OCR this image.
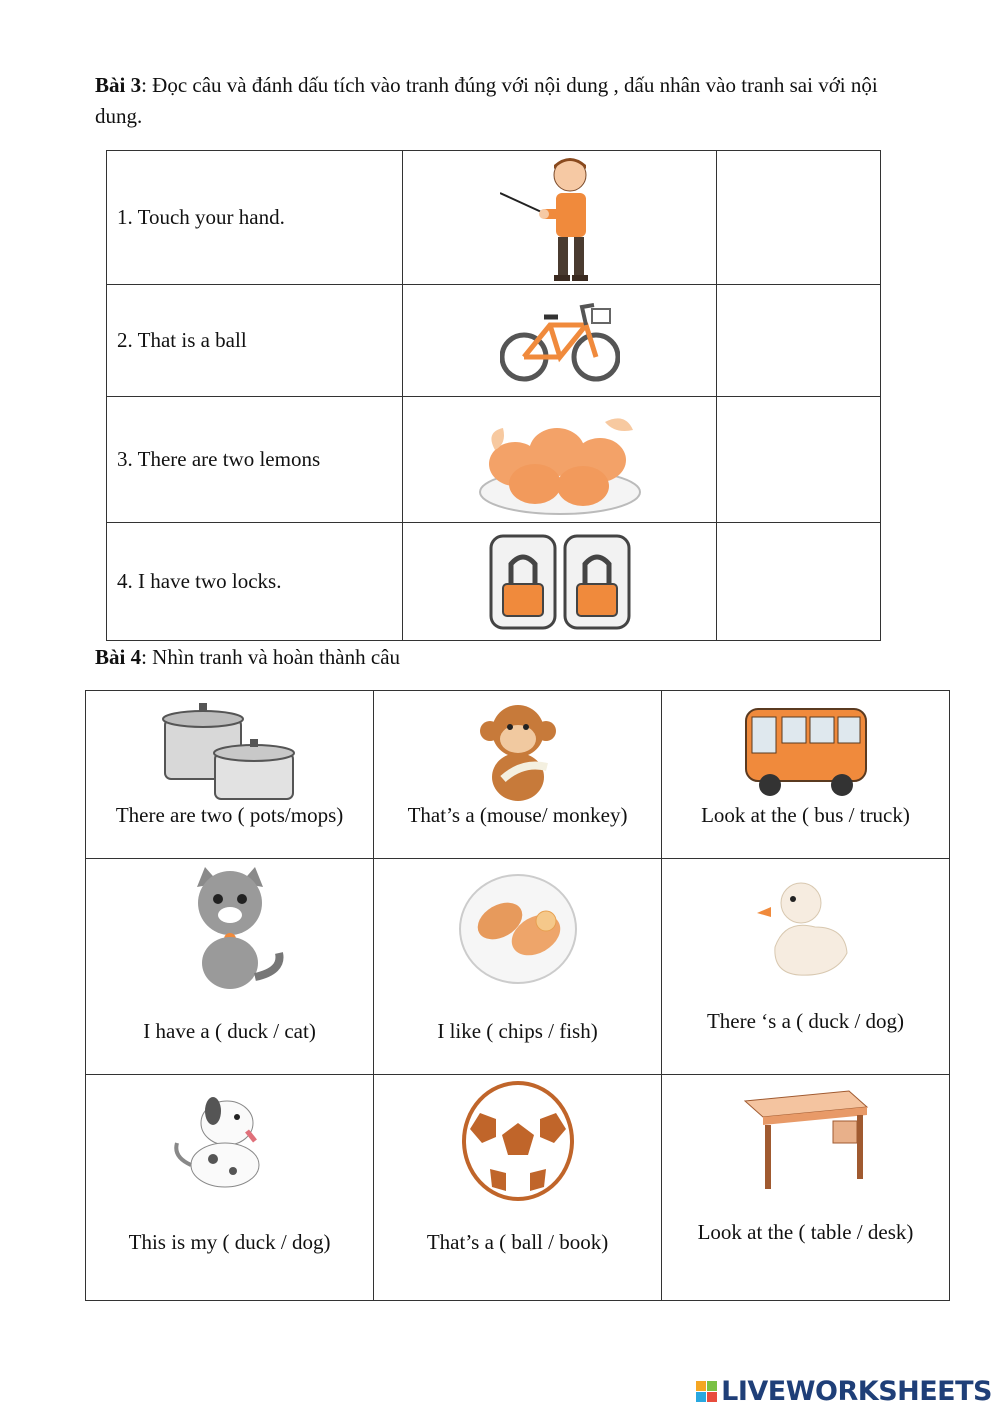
Bài 3: Đọc câu và đánh dấu tích vào tranh đúng với nội dung , dấu nhân vào tranh sai với nội dung.
1. Touch your hand.	

2. That is a ball	

3. There are two lemons	

4. I have two locks.	

Bài 4: Nhìn tranh và hoàn thành câu
There are two ( pots/mops)	That’s a (mouse/ monkey)	Look at the ( bus / truck)

I have a ( duck / cat)	I like ( chips / fish)	There ‘s a ( duck / dog)

This is my ( duck / dog)	That’s a ( ball / book)	Look at the ( table / desk)
LIVEWORKSHEETS
